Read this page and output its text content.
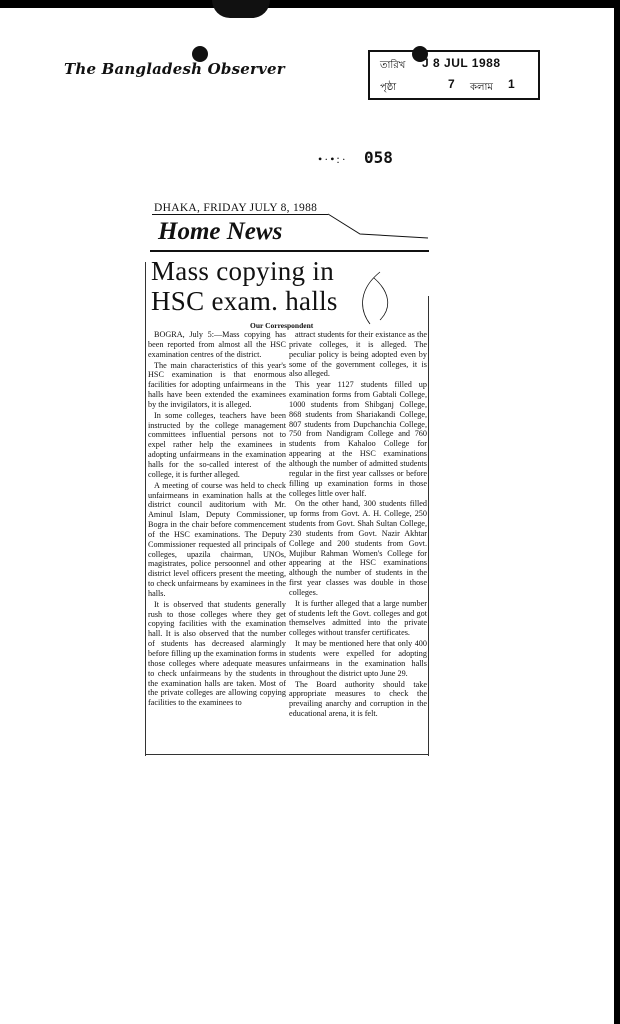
The Bangladesh Observer	তারিখ J 8 JUL 1988
পৃষ্ঠা	7 কলাম 1
•·•:· 058
DHAKA, FRIDAY JULY 8, 1988
Home News
Mass copying in
HSC exam. halls
Our Correspondent

BOGRA, July 5:—Mass copying has been reported from almost all the HSC examination centres of the district.

The main characteristics of this year's HSC examination is that enormous facilities for adopting unfairmeans in the halls have been extended the examinees by the invigilators, it is alleged.

In some colleges, teachers have been instructed by the college management committees influential persons not to expel rather help the examinees in adopting unfairmeans in the examination halls for the so-called interest of the college, it is further alleged.

A meeting of course was held to check unfairmeans in examination halls at the district council auditorium with Mr. Aminul Islam, Deputy Commissioner, Bogra in the chair before commencement of the HSC examinations. The Deputy Commissioner requested all principals of colleges, upazila chairman, UNOs, magistrates, police persoonnel and other district level officers present the meeting, to check unfairmeans by examinees in the halls.

It is observed that students generally rush to those colleges where they get copying facilities with the examination hall. It is also observed that the number of students has decreased alarmingly before filling up the examination forms in those colleges where adequate measures to check unfairmeans by the students in the examination halls are taken. Most of the private colleges are allowing copying facilities to the examinees to

attract students for their existance as the private colleges, it is alleged. The peculiar policy is being adopted even by some of the government colleges, it is also alleged.

This year 1127 students filled up examination forms from Gabtali College, 1000 students from Shibganj College, 868 students from Shariakandi College, 807 students from Dupchanchia College, 750 from Nandigram College and 760 students from Kahaloo College for appearing at the HSC examinations although the number of admitted students regular in the first year callsses or before filling up examination forms in those colleges little over half.

On the other hand, 300 students filled up forms from Govt. A. H. College, 250 students from Govt. Shah Sultan College, 230 students from Govt. Nazir Akhtar College and 200 students from Govt. Mujibur Rahman Women's College for appearing at the HSC examinations although the number of students in the first year classes was double in those colleges.

It is further alleged that a large number of students left the Govt. colleges and got themselves admitted into the private colleges without transfer certificates.

It may be mentioned here that only 400 students were expelled for adopting unfairmeans in the examination halls throughout the district upto June 29.

The Board authority should take appropriate measures to check the prevailing anarchy and corruption in the educational arena, it is felt.
